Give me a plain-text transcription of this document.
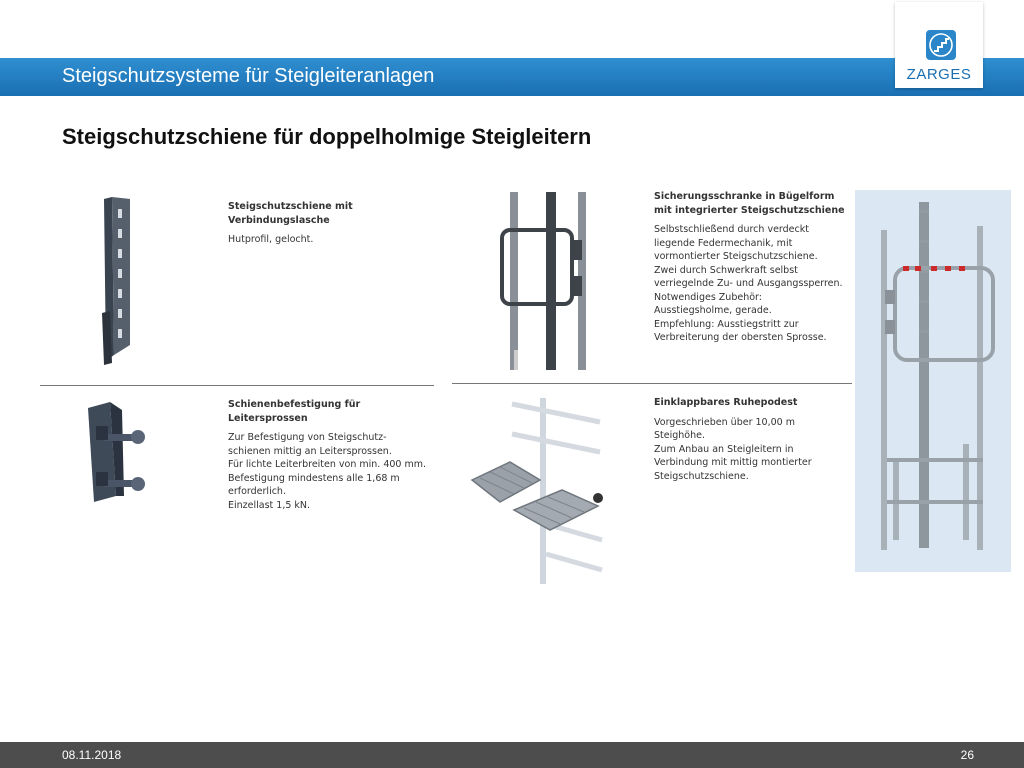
Steigschutzsysteme für Steigleiteranlagen	ZARGES
Steigschutzschiene für doppelholmige Steigleitern
Steigschutzschiene mit Verbindungslasche
Hutprofil, gelocht.
Sicherungsschranke in Bügelform
mit integrierter Steigschutzschiene
Selbstschließend durch verdeckt
liegende Federmechanik, mit
vormontierter Steigschutzschiene.
Zwei durch Schwerkraft selbst
verriegelnde Zu- und Ausgangssperren.
Notwendiges Zubehör:
Ausstiegsholme, gerade.
Empfehlung: Ausstiegstritt zur
Verbreiterung der obersten Sprosse.
Schienenbefestigung für
Leitersprossen
Zur Befestigung von Steigschutz-
schienen mittig an Leitersprossen.
Für lichte Leiterbreiten von min. 400 mm.
Befestigung mindestens alle 1,68 m
erforderlich.
Einzellast 1,5 kN.
Einklappbares Ruhepodest
Vorgeschrieben über 10,00 m
Steighöhe.
Zum Anbau an Steigleitern in
Verbindung mit mittig montierter
Steigschutzschiene.
08.11.2018	26
